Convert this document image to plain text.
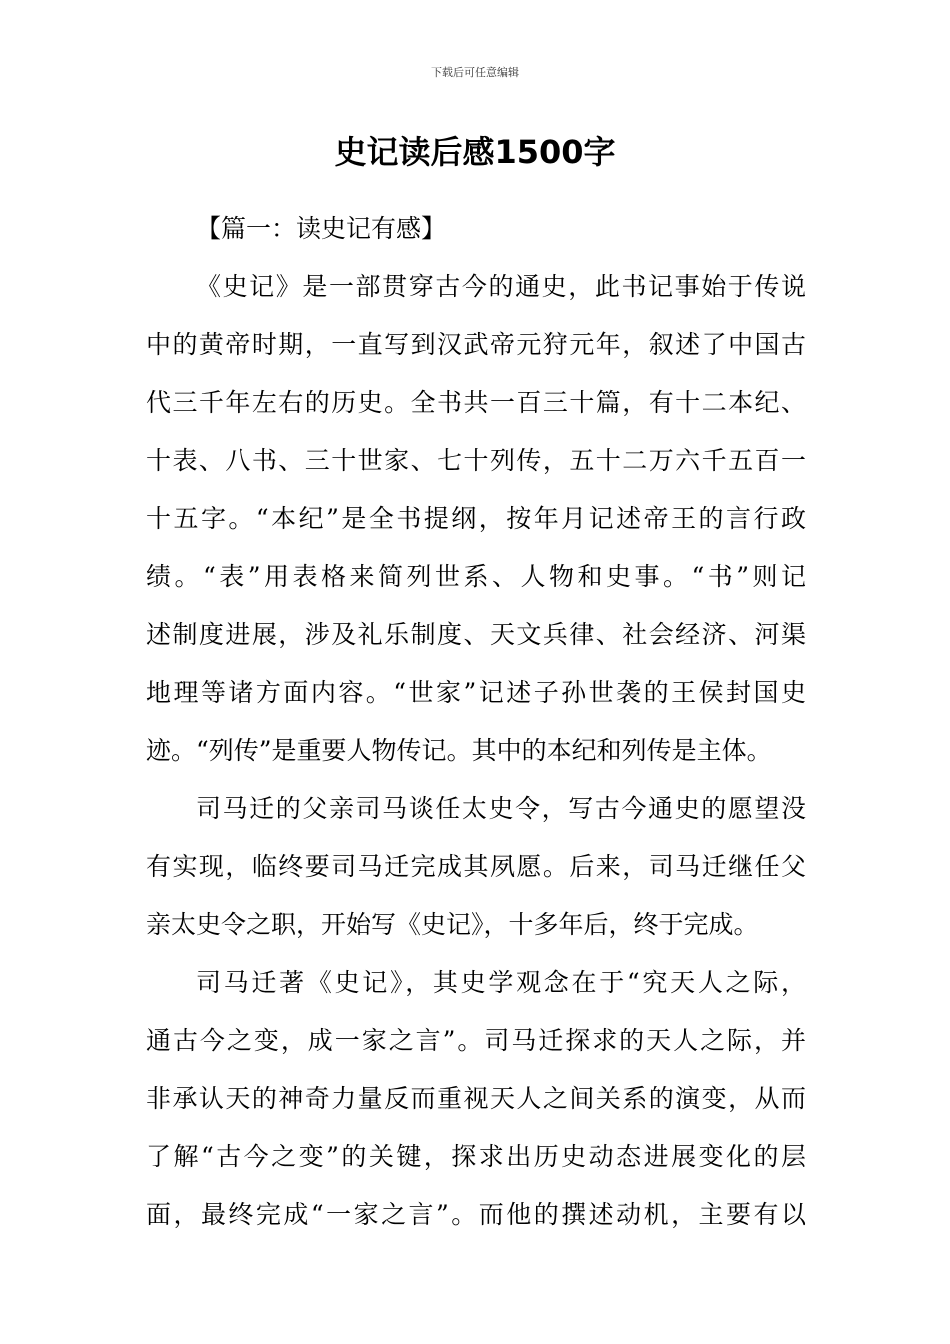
下载后可任意编辑
史记读后感1500字
【篇一：读史记有感】
《史记》是一部贯穿古今的通史，此书记事始于传说
中的黄帝时期，一直写到汉武帝元狩元年，叙述了中国古
代三千年左右的历史。全书共一百三十篇，有十二本纪、
十表、八书、三十世家、七十列传，五十二万六千五百一
十五字。“本纪”是全书提纲，按年月记述帝王的言行政
绩。“表”用表格来简列世系、人物和史事。“书”则记
述制度进展，涉及礼乐制度、天文兵律、社会经济、河渠
地理等诸方面内容。“世家”记述子孙世袭的王侯封国史
迹。“列传”是重要人物传记。其中的本纪和列传是主体。
司马迁的父亲司马谈任太史令，写古今通史的愿望没
有实现，临终要司马迁完成其夙愿。后来，司马迁继任父
亲太史令之职，开始写《史记》，十多年后，终于完成。
司马迁著《史记》，其史学观念在于“究天人之际，
通古今之变，成一家之言”。司马迁探求的天人之际，并
非承认天的神奇力量反而重视天人之间关系的演变，从而
了解“古今之变”的关键，探求出历史动态进展变化的层
面，最终完成“一家之言”。而他的撰述动机，主要有以
